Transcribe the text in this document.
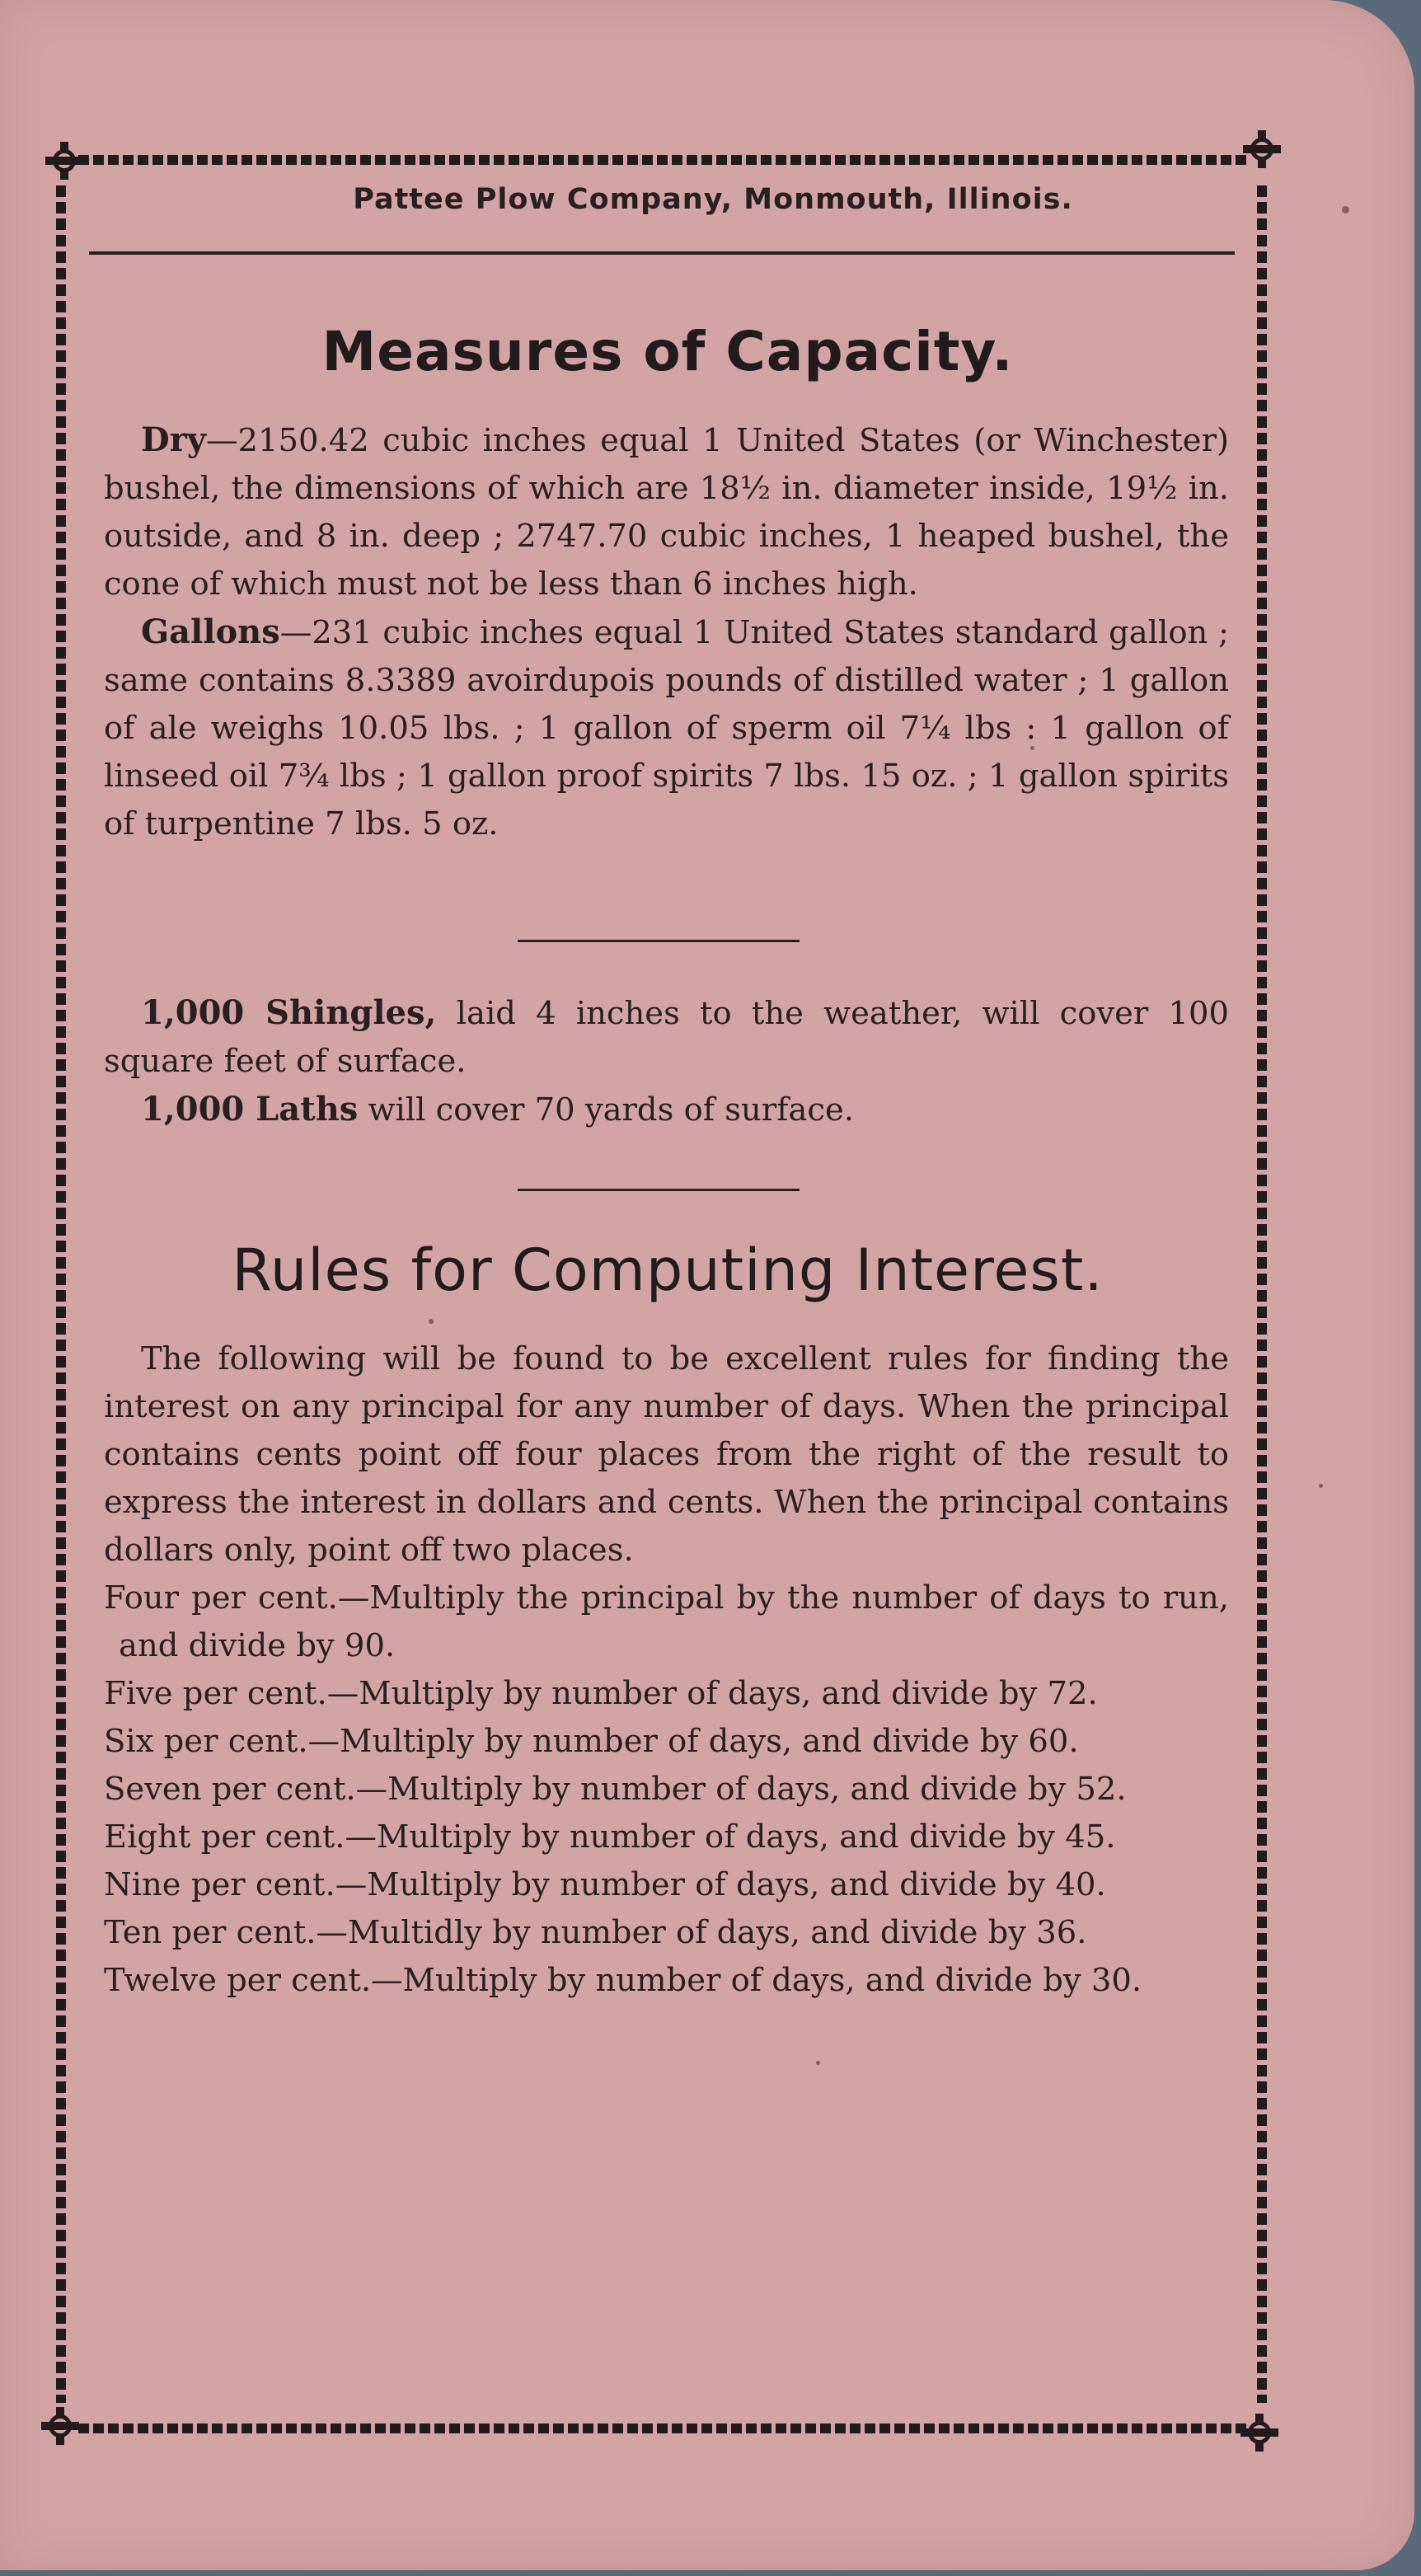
Pattee Plow Company, Monmouth, Illinois.
Measures of Capacity.

Dry—2150.42 cubic inches equal 1 United States (or Winchester) bushel, the dimensions of which are 18½ in. diameter inside, 19½ in. outside, and 8 in. deep ; 2747.70 cubic inches, 1 heaped bushel, the cone of which must not be less than 6 inches high.

Gallons—231 cubic inches equal 1 United States standard gallon ; same contains 8.3389 avoirdupois pounds of distilled water ; 1 gallon of ale weighs 10.05 lbs. ; 1 gallon of sperm oil 7¼ lbs : 1 gallon of linseed oil 7¾ lbs ; 1 gallon proof spirits 7 lbs. 15 oz. ; 1 gallon spirits of turpentine 7 lbs. 5 oz.

1,000 Shingles, laid 4 inches to the weather, will cover 100 square feet of surface.

1,000 Laths will cover 70 yards of surface.

Rules for Computing Interest.

The following will be found to be excellent rules for finding the interest on any principal for any number of days. When the principal contains cents point off four places from the right of the result to express the interest in dollars and cents. When the principal contains dollars only, point off two places.

Four per cent.—Multiply the principal by the number of days to run, and divide by 90.

Five per cent.—Multiply by number of days, and divide by 72.

Six per cent.—Multiply by number of days, and divide by 60.

Seven per cent.—Multiply by number of days, and divide by 52.

Eight per cent.—Multiply by number of days, and divide by 45.

Nine per cent.—Multiply by number of days, and divide by 40.

Ten per cent.—Multidly by number of days, and divide by 36.

Twelve per cent.—Multiply by number of days, and divide by 30.
